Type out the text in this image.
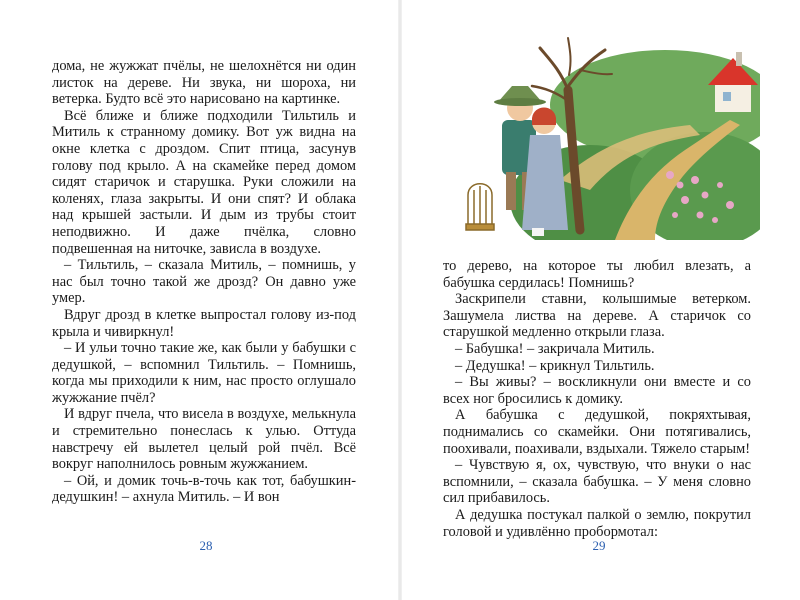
дома, не жужжат пчёлы, не шелохнётся ни один листок на дереве. Ни звука, ни шороха, ни ветерка. Будто всё это нарисовано на картинке.

Всё ближе и ближе подходили Тильтиль и Митиль к странному домику. Вот уж видна на окне клетка с дроздом. Спит птица, засунув голову под крыло. А на скамейке перед домом сидят старичок и старушка. Руки сложили на коленях, глаза закрыты. И они спят? И облака над крышей застыли. И дым из трубы стоит неподвижно. И даже пчёлка, словно подвешенная на ниточке, зависла в воздухе.

– Тильтиль, – сказала Митиль, – помнишь, у нас был точно такой же дрозд? Он давно уже умер.

Вдруг дрозд в клетке выпростал голову из-под крыла и чивиркнул!

– И ульи точно такие же, как были у бабушки с дедушкой, – вспомнил Тильтиль. – Помнишь, когда мы приходили к ним, нас просто оглушало жужжание пчёл?

И вдруг пчела, что висела в воздухе, мелькнула и стремительно понеслась к улью. Оттуда навстречу ей вылетел целый рой пчёл. Всё вокруг наполнилось ровным жужжанием.

– Ой, и домик точь-в-точь как тот, бабушкин-дедушкин! – ахнула Митиль. – И вон

28

то дерево, на которое ты любил влезать, а бабушка сердилась! Помнишь?

Заскрипели ставни, колышимые ветерком. Зашумела листва на дереве. А старичок со старушкой медленно открыли глаза.

– Бабушка! – закричала Митиль.

– Дедушка! – крикнул Тильтиль.

– Вы живы? – воскликнули они вместе и со всех ног бросились к домику.

А бабушка с дедушкой, покряхтывая, поднимались со скамейки. Они потягивались, поохивали, поахивали, вздыхали. Тяжело старым!

– Чувствую я, ох, чувствую, что внуки о нас вспомнили, – сказала бабушка. – У меня словно сил прибавилось.

А дедушка постукал палкой о землю, покрутил головой и удивлённо пробормотал:

29
